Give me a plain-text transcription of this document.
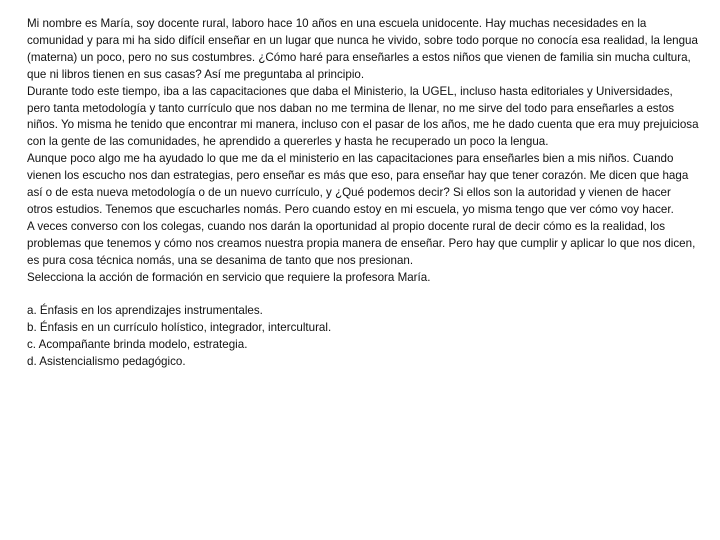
Mi nombre es María, soy docente rural, laboro hace 10 años en una escuela unidocente. Hay muchas necesidades en la comunidad y para mi ha sido difícil enseñar en un lugar que nunca he vivido, sobre todo porque no conocía esa realidad, la lengua (materna) un poco, pero no sus costumbres. ¿Cómo haré para enseñarles a estos niños que vienen de familia sin mucha cultura, que ni libros tienen en sus casas? Así me preguntaba al principio.

Durante todo este tiempo, iba a las capacitaciones que daba el Ministerio, la UGEL, incluso hasta editoriales y Universidades, pero tanta metodología y tanto currículo que nos daban no me termina de llenar, no me sirve del todo para enseñarles a estos niños. Yo misma he tenido que encontrar mi manera, incluso con el pasar de los años, me he dado cuenta que era muy prejuiciosa con la gente de las comunidades, he aprendido a quererles y hasta he recuperado un poco la lengua.

Aunque poco algo me ha ayudado lo que me da el ministerio en las capacitaciones para enseñarles bien a mis niños. Cuando vienen los escucho nos dan estrategias, pero enseñar es más que eso, para enseñar hay que tener corazón. Me dicen que haga así o de esta nueva metodología o de un nuevo currículo, y ¿Qué podemos decir? Si ellos son la autoridad y vienen de hacer otros estudios. Tenemos que escucharles nomás. Pero cuando estoy en mi escuela, yo misma tengo que ver cómo voy hacer.

A veces converso con los colegas, cuando nos darán la oportunidad al propio docente rural de decir cómo es la realidad, los problemas que tenemos y cómo nos creamos nuestra propia manera de enseñar. Pero hay que cumplir y aplicar lo que nos dicen, es pura cosa técnica nomás, una se desanima de tanto que nos presionan.

Selecciona la acción de formación en servicio que requiere la profesora María.

a. Énfasis en los aprendizajes instrumentales.
b. Énfasis en un currículo holístico, integrador, intercultural.
c. Acompañante brinda modelo, estrategia.
d. Asistencialismo pedagógico.
